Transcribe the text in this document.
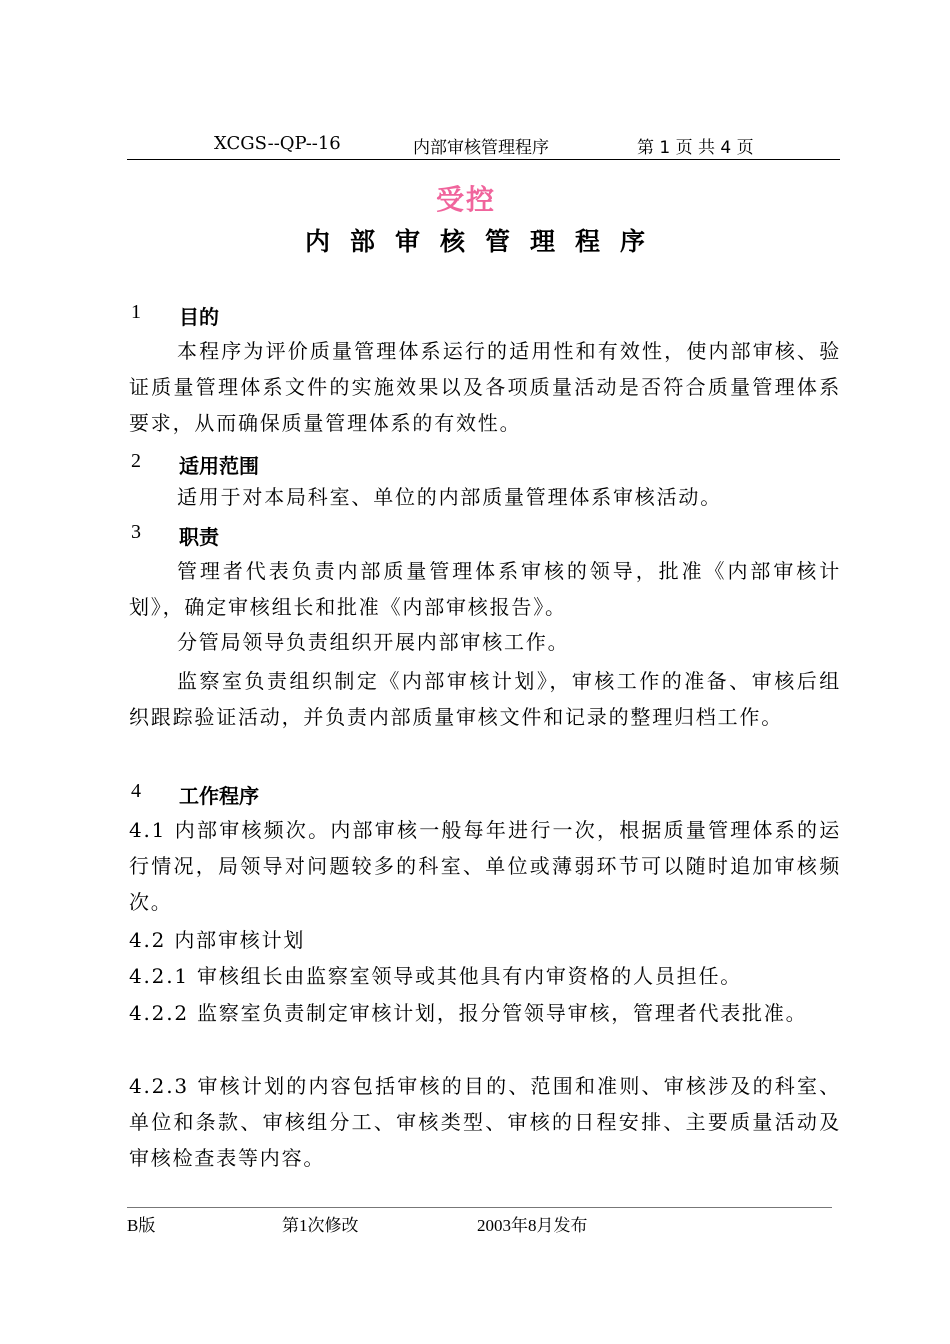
XCGS--QP--16	内部审核管理程序	第 1 页 共 4 页
受控
内部审核管理程序
1 目的
本程序为评价质量管理体系运行的适用性和有效性，使内部审核、验证质量管理体系文件的实施效果以及各项质量活动是否符合质量管理体系要求，从而确保质量管理体系的有效性。
2 适用范围
适用于对本局科室、单位的内部质量管理体系审核活动。
3 职责
管理者代表负责内部质量管理体系审核的领导，批准《内部审核计划》，确定审核组长和批准《内部审核报告》。
分管局领导负责组织开展内部审核工作。
监察室负责组织制定《内部审核计划》，审核工作的准备、审核后组织跟踪验证活动，并负责内部质量审核文件和记录的整理归档工作。
4 工作程序
4.1 内部审核频次。内部审核一般每年进行一次，根据质量管理体系的运行情况，局领导对问题较多的科室、单位或薄弱环节可以随时追加审核频次。
4.2 内部审核计划
4.2.1 审核组长由监察室领导或其他具有内审资格的人员担任。
4.2.2 监察室负责制定审核计划，报分管领导审核，管理者代表批准。
4.2.3 审核计划的内容包括审核的目的、范围和准则、审核涉及的科室、单位和条款、审核组分工、审核类型、审核的日程安排、主要质量活动及审核检查表等内容。
B版	第1次修改	2003年8月发布
